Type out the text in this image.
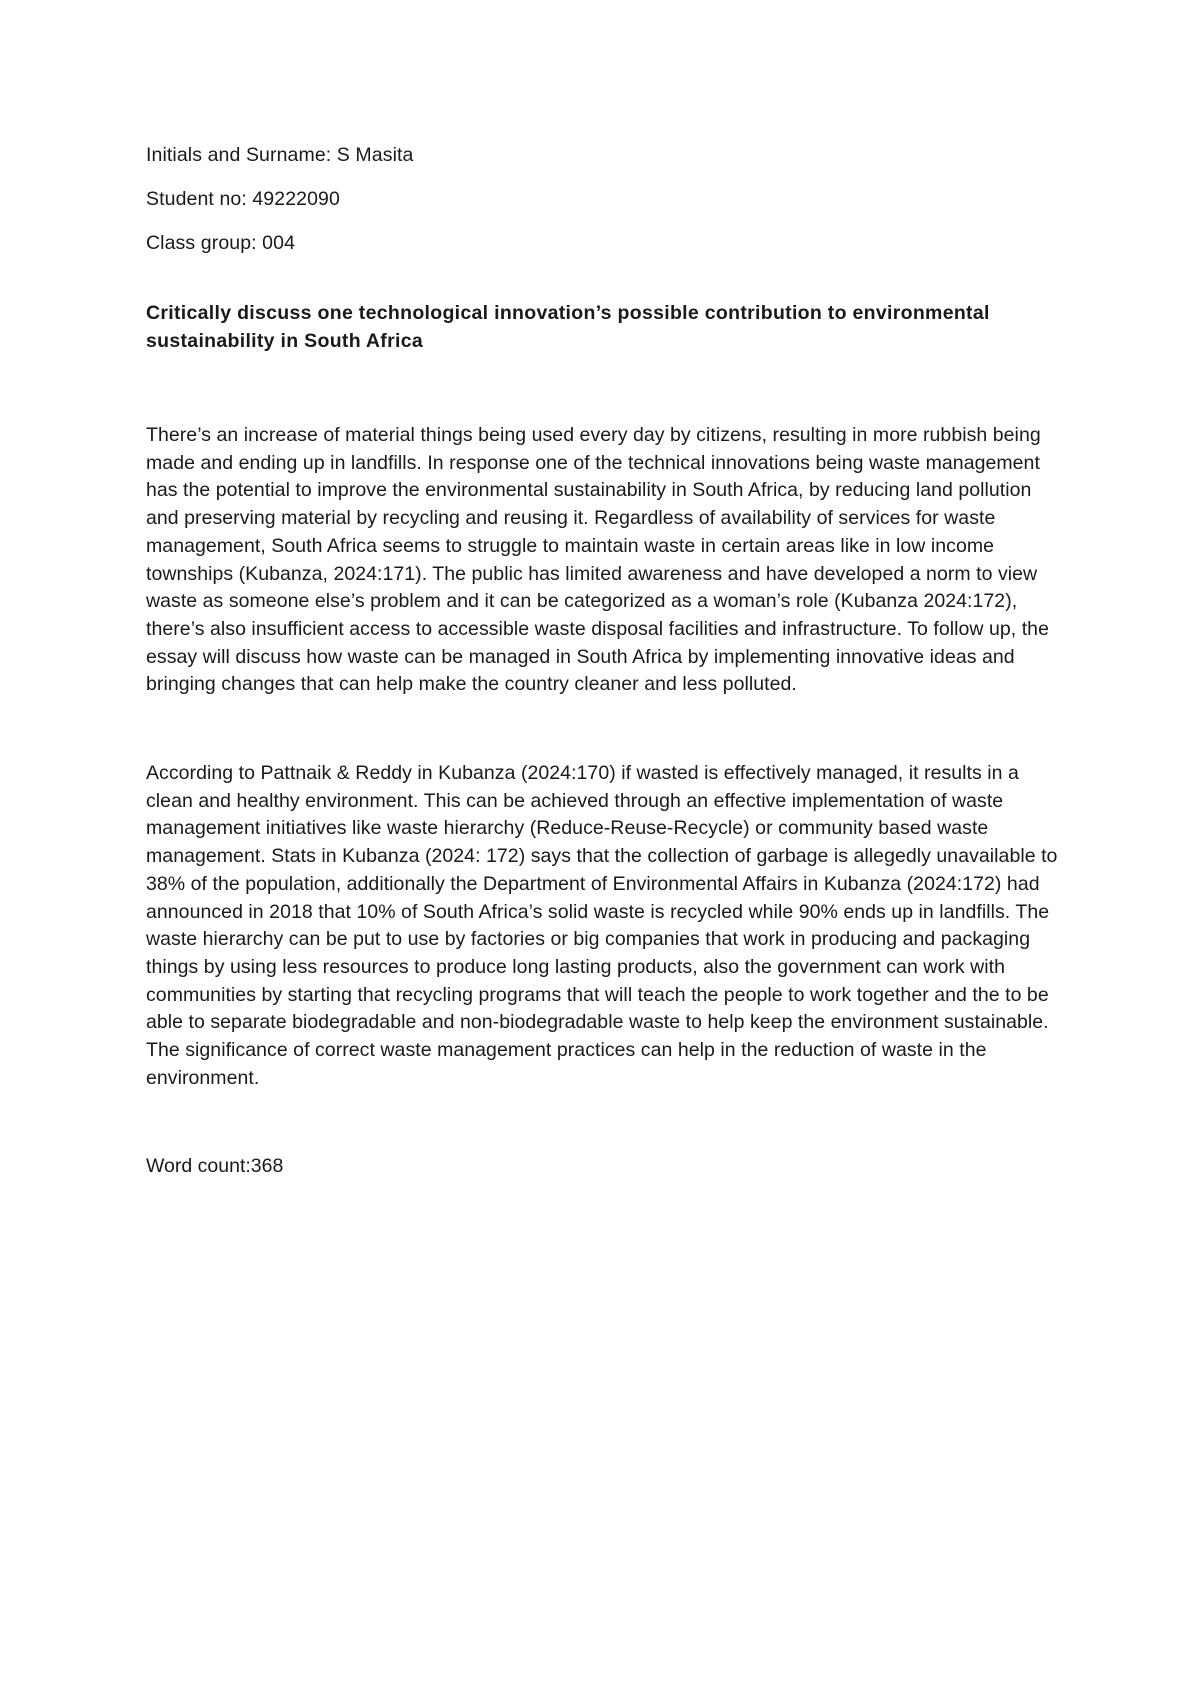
Initials and Surname: S Masita

Student no: 49222090

Class group: 004

Critically discuss one technological innovation’s possible contribution to environmental sustainability in South Africa

There’s an increase of material things being used every day by citizens, resulting in more rubbish being made and ending up in landfills. In response one of the technical innovations being waste management has the potential to improve the environmental sustainability in South Africa, by reducing land pollution and preserving material by recycling and reusing it. Regardless of availability of services for waste management, South Africa seems to struggle to maintain waste in certain areas like in low income townships (Kubanza, 2024:171). The public has limited awareness and have developed a norm to view waste as someone else’s problem and it can be categorized as a woman’s role (Kubanza 2024:172), there’s also insufficient access to accessible waste disposal facilities and infrastructure. To follow up, the essay will discuss how waste can be managed in South Africa by implementing innovative ideas and bringing changes that can help make the country cleaner and less polluted.

According to Pattnaik & Reddy in Kubanza (2024:170) if wasted is effectively managed, it results in a clean and healthy environment. This can be achieved through an effective implementation of waste management initiatives like waste hierarchy (Reduce-Reuse-Recycle) or community based waste management. Stats in Kubanza (2024: 172) says that the collection of garbage is allegedly unavailable to 38% of the population, additionally the Department of Environmental Affairs in Kubanza (2024:172) had announced in 2018 that 10% of South Africa’s solid waste is recycled while 90% ends up in landfills. The waste hierarchy can be put to use by factories or big companies that work in producing and packaging things by using less resources to produce long lasting products, also the government can work with communities by starting that recycling programs that will teach the people to work together and the to be able to separate biodegradable and non-biodegradable waste to help keep the environment sustainable. The significance of correct waste management practices can help in the reduction of waste in the environment.

Word count:368
